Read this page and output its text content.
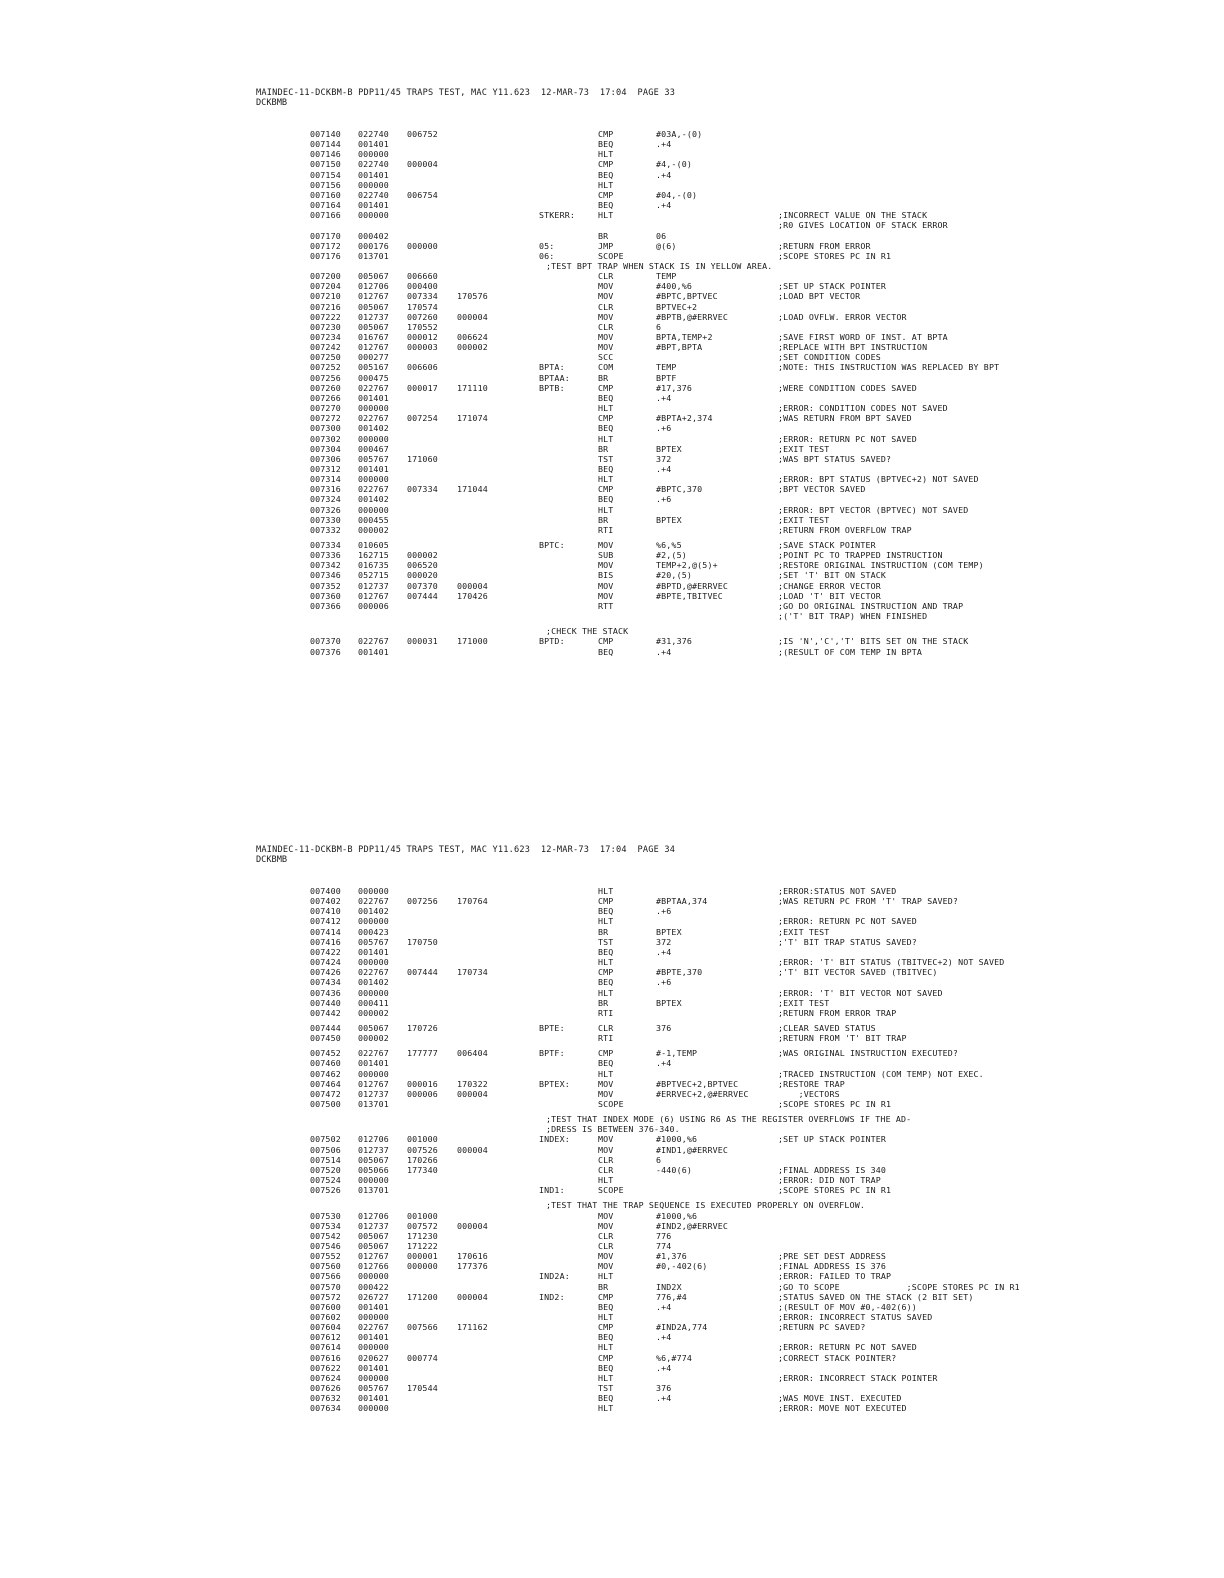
MAINDEC-11-DCKBM-B PDP11/45 TRAPS TEST, MAC Y11.623  12-MAR-73  17:04  PAGE 33
DCKBMB
007140 022740 006752	CMP	#03A,-(0)
007144 001401	BEQ	.+4
007146 000000	HLT
007150 022740 000004	CMP	#4,-(0)
007154 001401	BEQ	.+4
007156 000000	HLT
007160 022740 006754	CMP	#04,-(0)
007164 001401	BEQ	.+4
007166 000000	STKERR:	HLT	;INCORRECT VALUE ON THE STACK
;R0 GIVES LOCATION OF STACK ERROR
007170 000402	BR	06
007172 000176 000000	05:	JMP	@(6)	;RETURN FROM ERROR
007176 013701	06:	SCOPE	;SCOPE STORES PC IN R1
;TEST BPT TRAP WHEN STACK IS IN YELLOW AREA.
007200 005067 006660	CLR	TEMP
007204 012706 000400	MOV	#400,%6	;SET UP STACK POINTER
007210 012767 007334 170576	MOV	#BPTC,BPTVEC	;LOAD BPT VECTOR
007216 005067 170574	CLR	BPTVEC+2
007222 012737 007260 000004	MOV	#BPTB,@#ERRVEC	;LOAD OVFLW. ERROR VECTOR
007230 005067 170552	CLR	6
007234 016767 000012 006624	MOV	BPTA,TEMP+2	;SAVE FIRST WORD OF INST. AT BPTA
007242 012767 000003 000002	MOV	#BPT,BPTA	;REPLACE WITH BPT INSTRUCTION
007250 000277	SCC	;SET CONDITION CODES
007252 005167 006606	BPTA:	COM	TEMP	;NOTE: THIS INSTRUCTION WAS REPLACED BY BPT
007256 000475	BPTAA:	BR	BPTF
007260 022767 000017 171110	BPTB:	CMP	#17,376	;WERE CONDITION CODES SAVED
007266 001401	BEQ	.+4
007270 000000	HLT	;ERROR: CONDITION CODES NOT SAVED
007272 022767 007254 171074	CMP	#BPTA+2,374	;WAS RETURN FROM BPT SAVED
007300 001402	BEQ	.+6
007302 000000	HLT	;ERROR: RETURN PC NOT SAVED
007304 000467	BR	BPTEX	;EXIT TEST
007306 005767 171060	TST	372	;WAS BPT STATUS SAVED?
007312 001401	BEQ	.+4
007314 000000	HLT	;ERROR: BPT STATUS (BPTVEC+2) NOT SAVED
007316 022767 007334 171044	CMP	#BPTC,370	;BPT VECTOR SAVED
007324 001402	BEQ	.+6
007326 000000	HLT	;ERROR: BPT VECTOR (BPTVEC) NOT SAVED
007330 000455	BR	BPTEX	;EXIT TEST
007332 000002	RTI	;RETURN FROM OVERFLOW TRAP
007334 010605	BPTC:	MOV	%6,%5	;SAVE STACK POINTER
007336 162715 000002	SUB	#2,(5)	;POINT PC TO TRAPPED INSTRUCTION
007342 016735 006520	MOV	TEMP+2,@(5)+	;RESTORE ORIGINAL INSTRUCTION (COM TEMP)
007346 052715 000020	BIS	#20,(5)	;SET 'T' BIT ON STACK
007352 012737 007370 000004	MOV	#BPTD,@#ERRVEC	;CHANGE ERROR VECTOR
007360 012767 007444 170426	MOV	#BPTE,TBITVEC	;LOAD 'T' BIT VECTOR
007366 000006	RTT	;GO DO ORIGINAL INSTRUCTION AND TRAP
;('T' BIT TRAP) WHEN FINISHED
;CHECK THE STACK
007370 022767 000031 171000	BPTD:	CMP	#31,376	;IS 'N','C','T' BITS SET ON THE STACK
007376 001401	BEQ	.+4	;(RESULT OF COM TEMP IN BPTA
MAINDEC-11-DCKBM-B PDP11/45 TRAPS TEST, MAC Y11.623  12-MAR-73  17:04  PAGE 34
DCKBMB
007400 000000	HLT	;ERROR:STATUS NOT SAVED
007402 022767 007256 170764	CMP	#BPTAA,374	;WAS RETURN PC FROM 'T' TRAP SAVED?
007410 001402	BEQ	.+6
007412 000000	HLT	;ERROR: RETURN PC NOT SAVED
007414 000423	BR	BPTEX	;EXIT TEST
007416 005767 170750	TST	372	;'T' BIT TRAP STATUS SAVED?
007422 001401	BEQ	.+4
007424 000000	HLT	;ERROR: 'T' BIT STATUS (TBITVEC+2) NOT SAVED
007426 022767 007444 170734	CMP	#BPTE,370	;'T' BIT VECTOR SAVED (TBITVEC)
007434 001402	BEQ	.+6
007436 000000	HLT	;ERROR: 'T' BIT VECTOR NOT SAVED
007440 000411	BR	BPTEX	;EXIT TEST
007442 000002	RTI	;RETURN FROM ERROR TRAP
007444 005067 170726	BPTE:	CLR	376	;CLEAR SAVED STATUS
007450 000002	RTI	;RETURN FROM 'T' BIT TRAP
007452 022767 177777 006404	BPTF:	CMP	#-1,TEMP	;WAS ORIGINAL INSTRUCTION EXECUTED?
007460 001401	BEQ	.+4
007462 000000	HLT	;TRACED INSTRUCTION (COM TEMP) NOT EXEC.
007464 012767 000016 170322	BPTEX:	MOV	#BPTVEC+2,BPTVEC	;RESTORE TRAP
007472 012737 000006 000004	MOV	#ERRVEC+2,@#ERRVEC	;VECTORS
007500 013701	SCOPE	;SCOPE STORES PC IN R1
;TEST THAT INDEX MODE (6) USING R6 AS THE REGISTER OVERFLOWS IF THE AD-
;DRESS IS BETWEEN 376-340.
007502 012706 001000	INDEX:	MOV	#1000,%6	;SET UP STACK POINTER
007506 012737 007526 000004	MOV	#IND1,@#ERRVEC
007514 005067 170266	CLR	6
007520 005066 177340	CLR	-440(6)	;FINAL ADDRESS IS 340
007524 000000	HLT	;ERROR: DID NOT TRAP
007526 013701	IND1:	SCOPE	;SCOPE STORES PC IN R1
;TEST THAT THE TRAP SEQUENCE IS EXECUTED PROPERLY ON OVERFLOW.
007530 012706 001000	MOV	#1000,%6
007534 012737 007572 000004	MOV	#IND2,@#ERRVEC
007542 005067 171230	CLR	776
007546 005067 171222	CLR	774
007552 012767 000001 170616	MOV	#1,376	;PRE SET DEST ADDRESS
007560 012766 000000 177376	MOV	#0,-402(6)	;FINAL ADDRESS IS 376
007566 000000	IND2A:	HLT	;ERROR: FAILED TO TRAP
007570 000422	BR	IND2X	;GO TO SCOPE             ;SCOPE STORES PC IN R1
007572 026727 171200 000004	IND2:	CMP	776,#4	;STATUS SAVED ON THE STACK (2 BIT SET)
007600 001401	BEQ	.+4	;(RESULT OF MOV #0,-402(6))
007602 000000	HLT	;ERROR: INCORRECT STATUS SAVED
007604 022767 007566 171162	CMP	#IND2A,774	;RETURN PC SAVED?
007612 001401	BEQ	.+4
007614 000000	HLT	;ERROR: RETURN PC NOT SAVED
007616 020627 000774	CMP	%6,#774	;CORRECT STACK POINTER?
007622 001401	BEQ	.+4
007624 000000	HLT	;ERROR: INCORRECT STACK POINTER
007626 005767 170544	TST	376
007632 001401	BEQ	.+4	;WAS MOVE INST. EXECUTED
007634 000000	HLT	;ERROR: MOVE NOT EXECUTED
